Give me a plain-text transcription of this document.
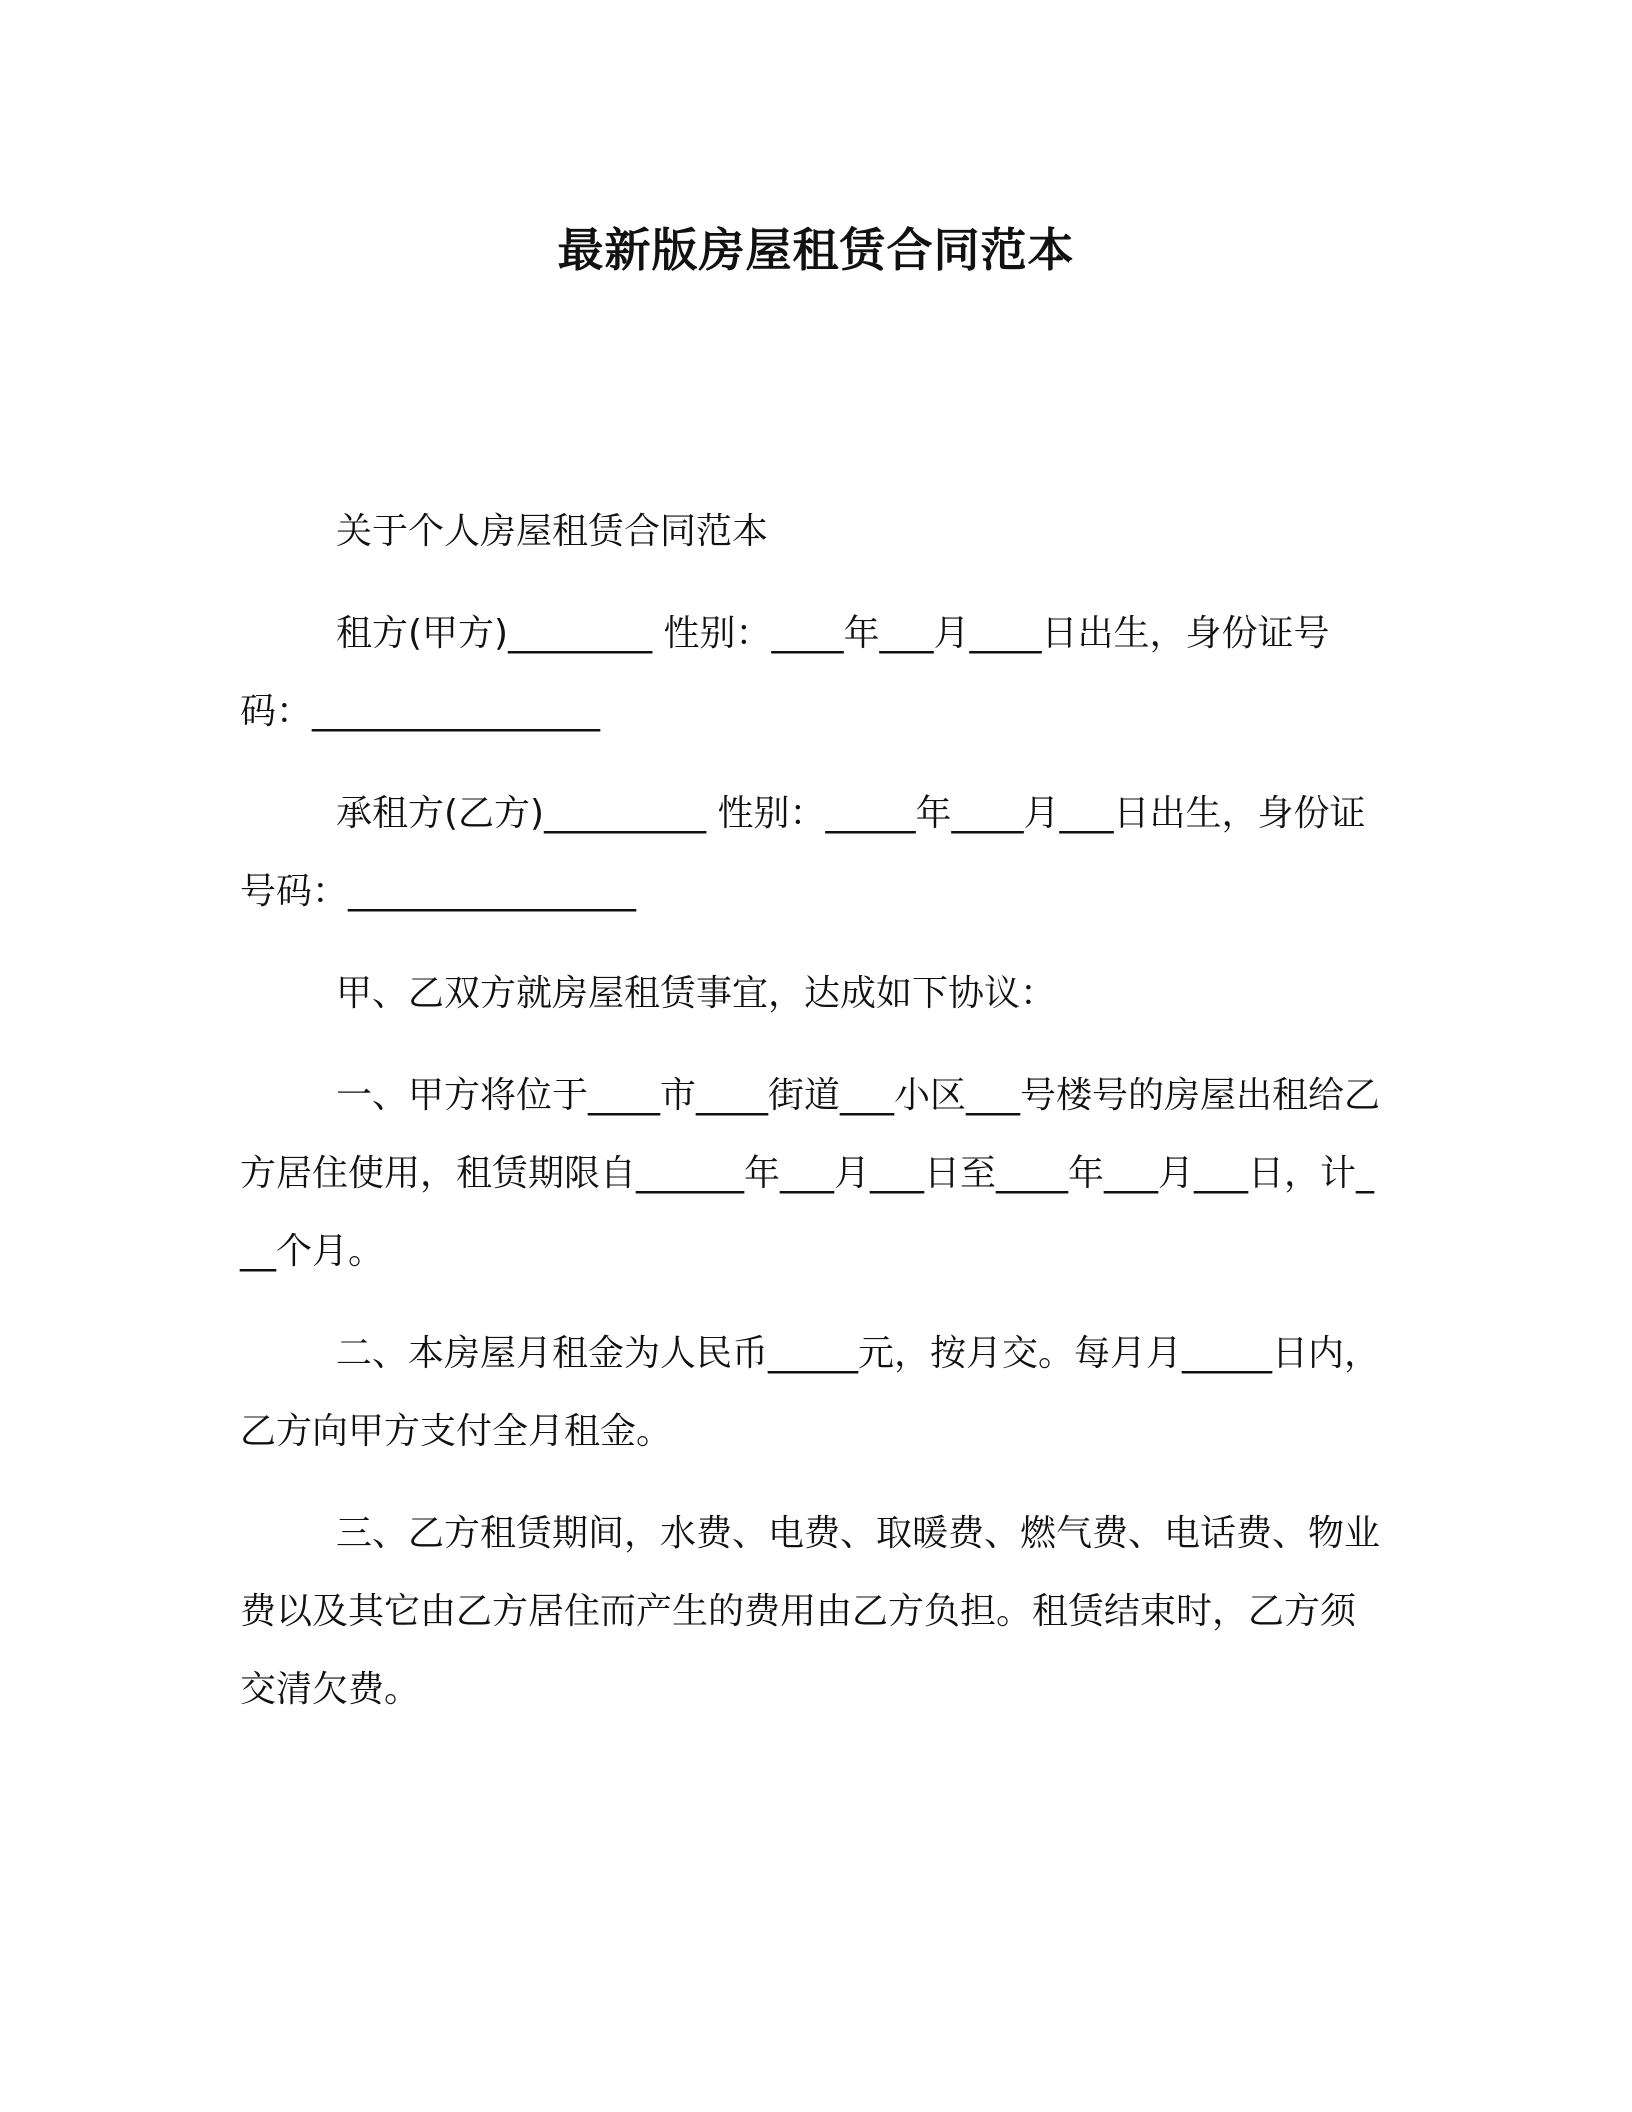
最新版房屋租赁合同范本

关于个人房屋租赁合同范本

租方(甲方)________ 性别：____年___月____日出生，身份证号码：________________

承租方(乙方)_________ 性别：_____年____月___日出生，身份证号码：________________

甲、乙双方就房屋租赁事宜，达成如下协议：

一、甲方将位于____市____街道___小区___号楼号的房屋出租给乙方居住使用，租赁期限自______年___月___日至____年___月___日，计___个月。

二、本房屋月租金为人民币_____元，按月交。每月月_____日内，乙方向甲方支付全月租金。

三、乙方租赁期间，水费、电费、取暖费、燃气费、电话费、物业费以及其它由乙方居住而产生的费用由乙方负担。租赁结束时，乙方须交清欠费。
